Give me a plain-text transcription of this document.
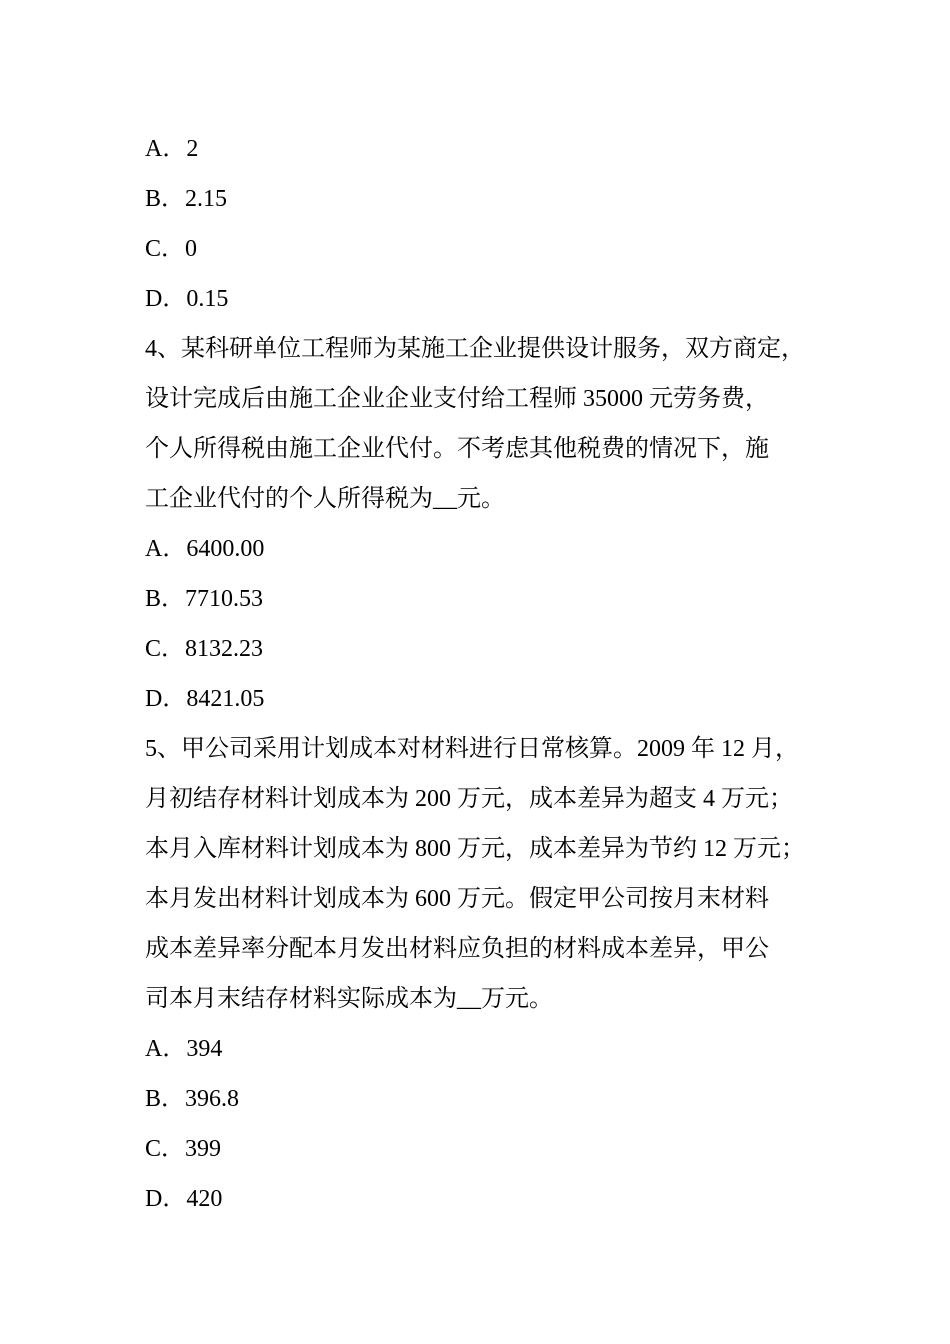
A．2
B．2.15
C．0
D．0.15
4、某科研单位工程师为某施工企业提供设计服务，双方商定，
设计完成后由施工企业企业支付给工程师 35000 元劳务费，
个人所得税由施工企业代付。不考虑其他税费的情况下，施
工企业代付的个人所得税为__元。
A．6400.00
B．7710.53
C．8132.23
D．8421.05
5、甲公司采用计划成本对材料进行日常核算。2009 年 12 月，
月初结存材料计划成本为 200 万元，成本差异为超支 4 万元；
本月入库材料计划成本为 800 万元，成本差异为节约 12 万元；
本月发出材料计划成本为 600 万元。假定甲公司按月末材料
成本差异率分配本月发出材料应负担的材料成本差异，甲公
司本月末结存材料实际成本为__万元。
A．394
B．396.8
C．399
D．420
